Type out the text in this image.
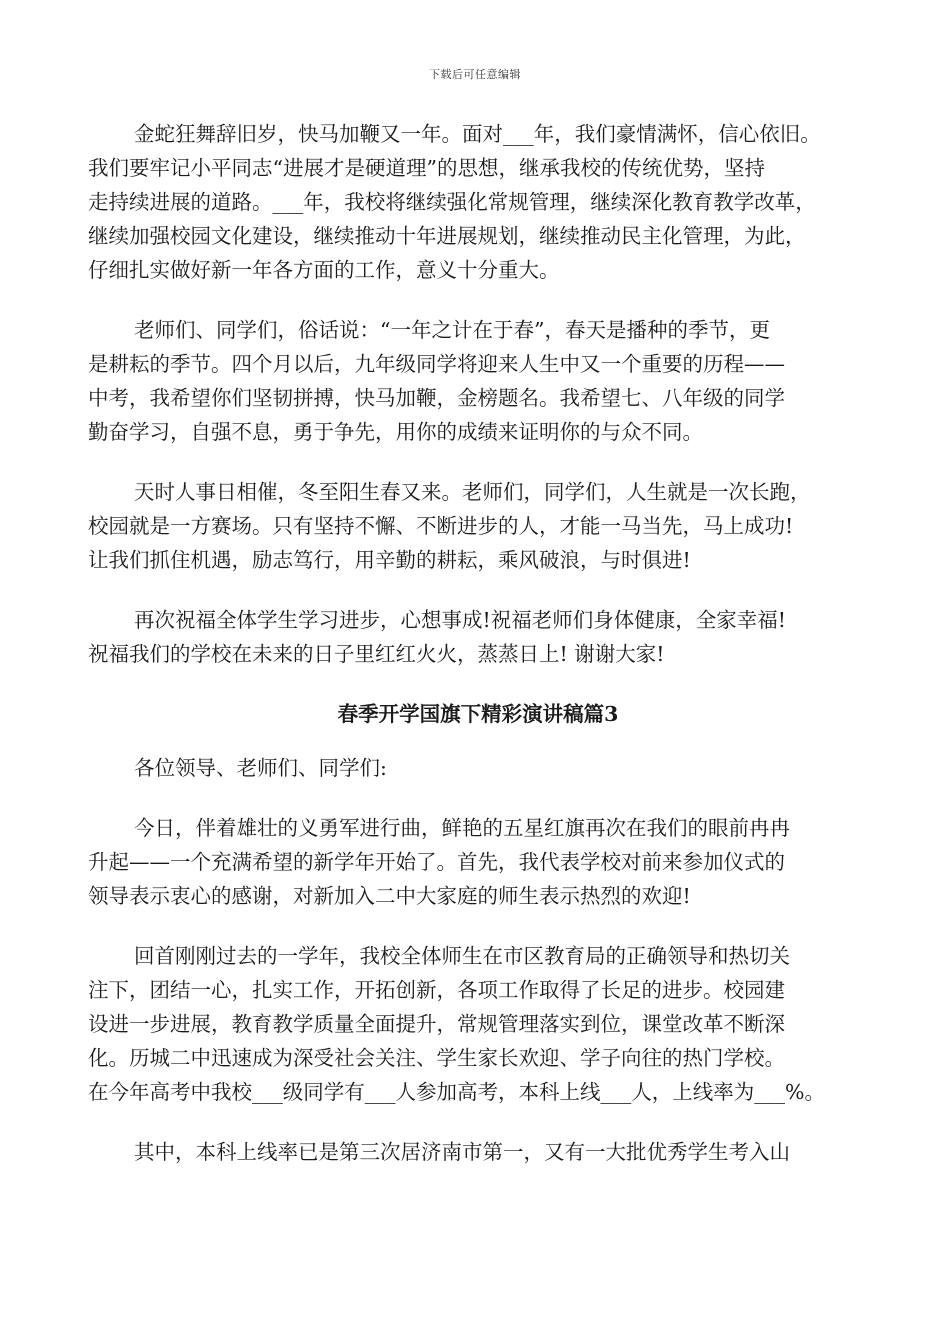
下载后可任意编辑
金蛇狂舞辞旧岁，快马加鞭又一年。面对___年，我们豪情满怀，信心依旧。
我们要牢记小平同志“进展才是硬道理”的思想，继承我校的传统优势，坚持
走持续进展的道路。___年，我校将继续强化常规管理，继续深化教育教学改革，
继续加强校园文化建设，继续推动十年进展规划，继续推动民主化管理，为此，
仔细扎实做好新一年各方面的工作，意义十分重大。
老师们、同学们，俗话说：“一年之计在于春”，春天是播种的季节，更
是耕耘的季节。四个月以后，九年级同学将迎来人生中又一个重要的历程——
中考，我希望你们坚韧拼搏，快马加鞭，金榜题名。我希望七、八年级的同学
勤奋学习，自强不息，勇于争先，用你的成绩来证明你的与众不同。
天时人事日相催，冬至阳生春又来。老师们，同学们，人生就是一次长跑，
校园就是一方赛场。只有坚持不懈、不断进步的人，才能一马当先，马上成功!
让我们抓住机遇，励志笃行，用辛勤的耕耘，乘风破浪，与时俱进!
再次祝福全体学生学习进步，心想事成!祝福老师们身体健康，全家幸福!
祝福我们的学校在未来的日子里红红火火，蒸蒸日上! 谢谢大家!
春季开学国旗下精彩演讲稿篇3
各位领导、老师们、同学们:
今日，伴着雄壮的义勇军进行曲，鲜艳的五星红旗再次在我们的眼前冉冉
升起——一个充满希望的新学年开始了。首先，我代表学校对前来参加仪式的
领导表示衷心的感谢，对新加入二中大家庭的师生表示热烈的欢迎!
回首刚刚过去的一学年，我校全体师生在市区教育局的正确领导和热切关
注下，团结一心，扎实工作，开拓创新，各项工作取得了长足的进步。校园建
设进一步进展，教育教学质量全面提升，常规管理落实到位，课堂改革不断深
化。历城二中迅速成为深受社会关注、学生家长欢迎、学子向往的热门学校。
在今年高考中我校___级同学有___人参加高考，本科上线___人，上线率为___%。
其中，本科上线率已是第三次居济南市第一，又有一大批优秀学生考入山
